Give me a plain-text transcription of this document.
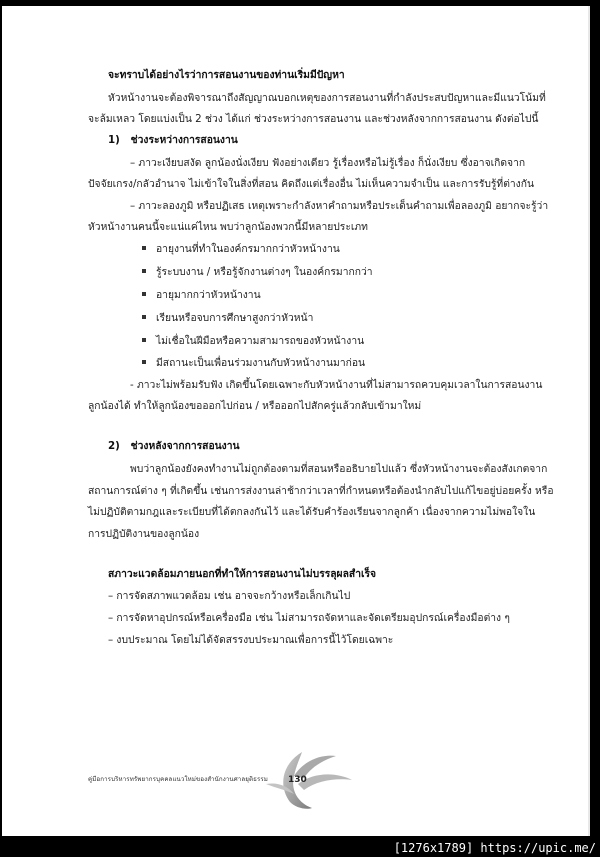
จะทราบได้อย่างไรว่าการสอนงานของท่านเริ่มมีปัญหา
หัวหน้างานจะต้องพิจารณาถึงสัญญาณบอกเหตุของการสอนงานที่กำลังประสบปัญหาและมีแนวโน้มที่
จะล้มเหลว โดยแบ่งเป็น 2 ช่วง ได้แก่ ช่วงระหว่างการสอนงาน และช่วงหลังจากการสอนงาน ดังต่อไปนี้
1) ช่วงระหว่างการสอนงาน
– ภาวะเงียบสงัด ลูกน้องนั่งเงียบ ฟังอย่างเดียว รู้เรื่องหรือไม่รู้เรื่อง ก็นั่งเงียบ ซึ่งอาจเกิดจาก
ปัจจัยเกรง/กลัวอำนาจ ไม่เข้าใจในสิ่งที่สอน คิดถึงแต่เรื่องอื่น ไม่เห็นความจำเป็น และการรับรู้ที่ต่างกัน
– ภาวะลองภูมิ หรือปฏิเสธ เหตุเพราะกำลังหาคำถามหรือประเด็นคำถามเพื่อลองภูมิ อยากจะรู้ว่า
หัวหน้างานคนนี้จะแน่แค่ไหน พบว่าลูกน้องพวกนี้มีหลายประเภท
อายุงานที่ทำในองค์กรมากกว่าหัวหน้างาน
รู้ระบบงาน / หรือรู้จักงานต่างๆ ในองค์กรมากกว่า
อายุมากกว่าหัวหน้างาน
เรียนหรือจบการศึกษาสูงกว่าหัวหน้า
ไม่เชื่อในฝีมือหรือความสามารถของหัวหน้างาน
มีสถานะเป็นเพื่อนร่วมงานกับหัวหน้างานมาก่อน
- ภาวะไม่พร้อมรับฟัง เกิดขึ้นโดยเฉพาะกับหัวหน้างานที่ไม่สามารถควบคุมเวลาในการสอนงาน
ลูกน้องได้ ทำให้ลูกน้องขอออกไปก่อน / หรือออกไปสักครู่แล้วกลับเข้ามาใหม่
2) ช่วงหลังจากการสอนงาน
พบว่าลูกน้องยังคงทำงานไม่ถูกต้องตามที่สอนหรืออธิบายไปแล้ว ซึ่งหัวหน้างานจะต้องสังเกตจาก
สถานการณ์ต่าง ๆ ที่เกิดขึ้น เช่นการส่งงานล่าช้ากว่าเวลาที่กำหนดหรือต้องนำกลับไปแก้ไขอยู่บ่อยครั้ง หรือ
ไม่ปฏิบัติตามกฎและระเบียบที่ได้ตกลงกันไว้ และได้รับคำร้องเรียนจากลูกค้า เนื่องจากความไม่พอใจใน
การปฏิบัติงานของลูกน้อง
สภาวะแวดล้อมภายนอกที่ทำให้การสอนงานไม่บรรลุผลสำเร็จ
– การจัดสภาพแวดล้อม เช่น อาจจะกว้างหรือเล็กเกินไป
– การจัดหาอุปกรณ์หรือเครื่องมือ เช่น ไม่สามารถจัดหาและจัดเตรียมอุปกรณ์เครื่องมือต่าง ๆ
– งบประมาณ โดยไม่ได้จัดสรรงบประมาณเพื่อการนี้ไว้โดยเฉพาะ
คู่มือการบริหารทรัพยากรบุคคลแนวใหม่ของสำนักงานศาลยุติธรรม 130
[1276x1789] https://upic.me/
